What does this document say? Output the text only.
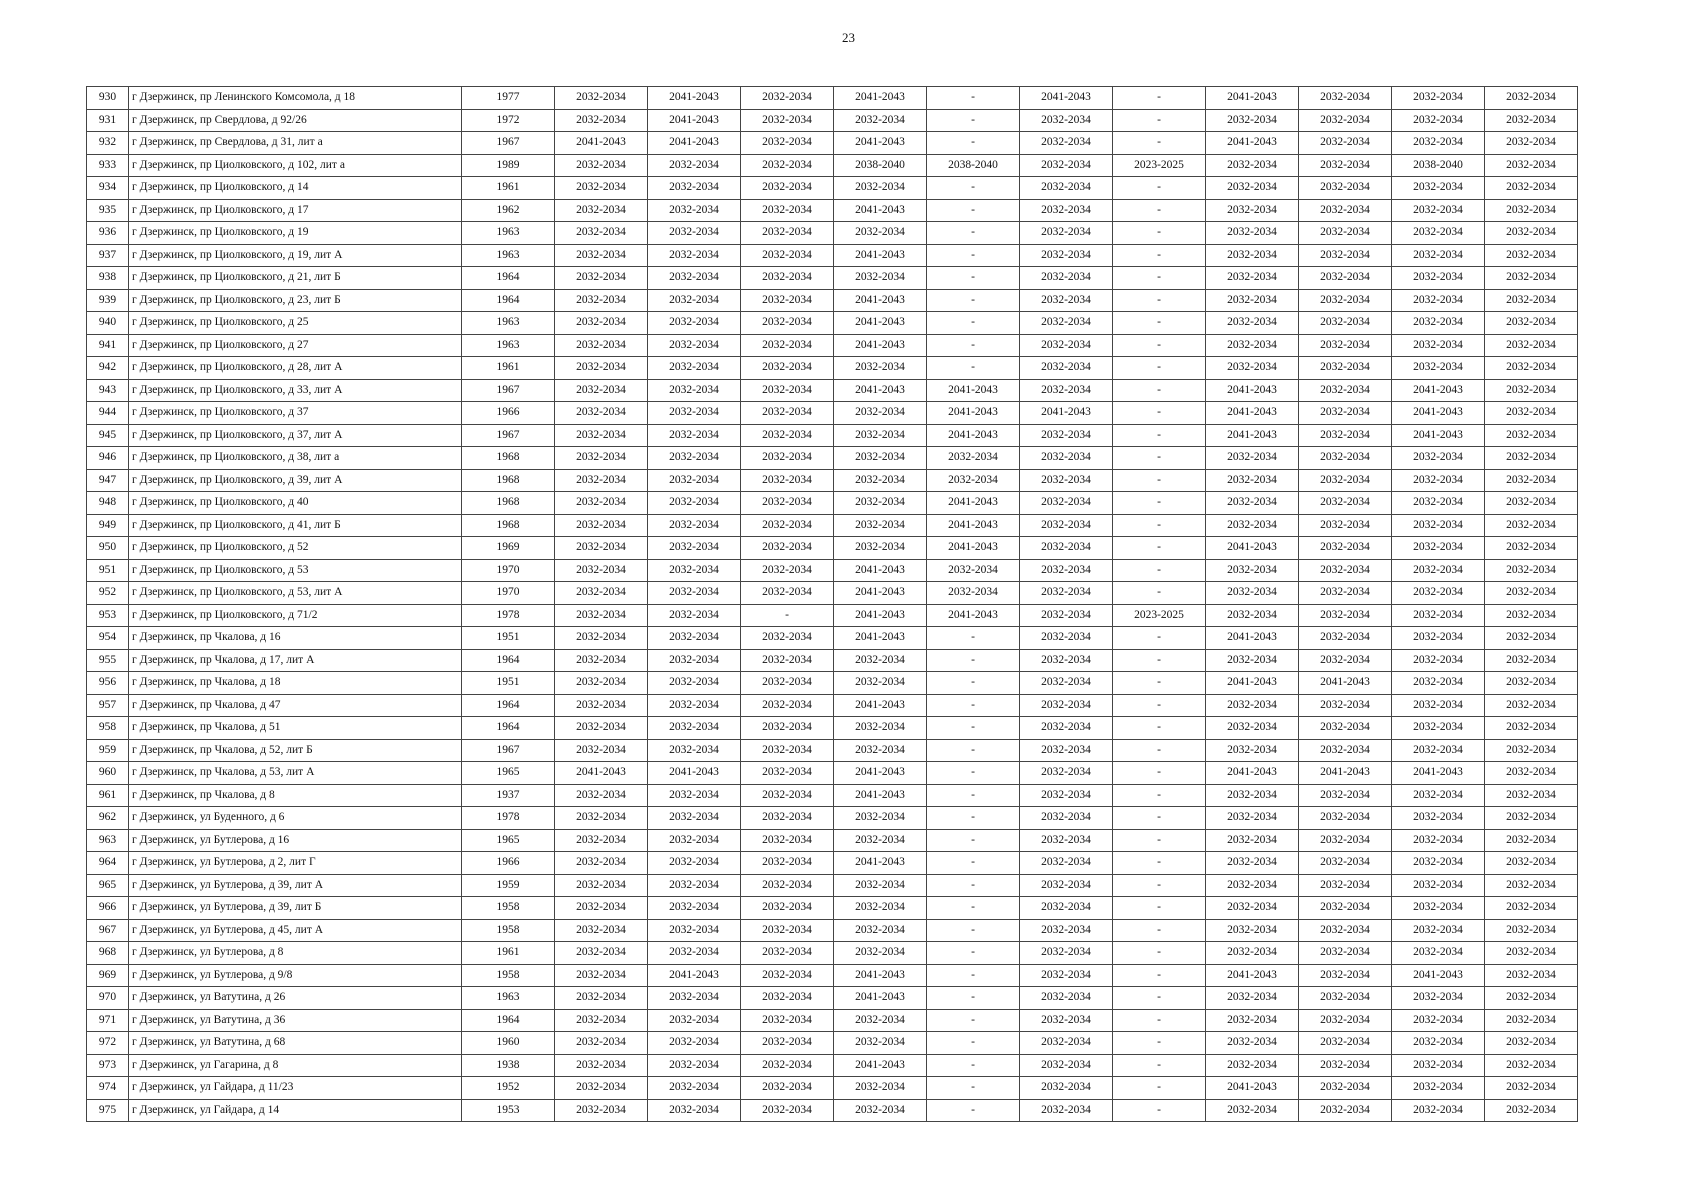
23
930	г Дзержинск, пр Ленинского Комсомола, д 18	1977	2032-2034	2041-2043	2032-2034	2041-2043	-	2041-2043	-	2041-2043	2032-2034	2032-2034	2032-2034
931	г Дзержинск, пр Свердлова, д 92/26	1972	2032-2034	2041-2043	2032-2034	2032-2034	-	2032-2034	-	2032-2034	2032-2034	2032-2034	2032-2034
932	г Дзержинск, пр Свердлова, д 31, лит а	1967	2041-2043	2041-2043	2032-2034	2041-2043	-	2032-2034	-	2041-2043	2032-2034	2032-2034	2032-2034
933	г Дзержинск, пр Циолковского, д 102, лит а	1989	2032-2034	2032-2034	2032-2034	2038-2040	2038-2040	2032-2034	2023-2025	2032-2034	2032-2034	2038-2040	2032-2034
934	г Дзержинск, пр Циолковского, д 14	1961	2032-2034	2032-2034	2032-2034	2032-2034	-	2032-2034	-	2032-2034	2032-2034	2032-2034	2032-2034
935	г Дзержинск, пр Циолковского, д 17	1962	2032-2034	2032-2034	2032-2034	2041-2043	-	2032-2034	-	2032-2034	2032-2034	2032-2034	2032-2034
936	г Дзержинск, пр Циолковского, д 19	1963	2032-2034	2032-2034	2032-2034	2032-2034	-	2032-2034	-	2032-2034	2032-2034	2032-2034	2032-2034
937	г Дзержинск, пр Циолковского, д 19, лит А	1963	2032-2034	2032-2034	2032-2034	2041-2043	-	2032-2034	-	2032-2034	2032-2034	2032-2034	2032-2034
938	г Дзержинск, пр Циолковского, д 21, лит Б	1964	2032-2034	2032-2034	2032-2034	2032-2034	-	2032-2034	-	2032-2034	2032-2034	2032-2034	2032-2034
939	г Дзержинск, пр Циолковского, д 23, лит Б	1964	2032-2034	2032-2034	2032-2034	2041-2043	-	2032-2034	-	2032-2034	2032-2034	2032-2034	2032-2034
940	г Дзержинск, пр Циолковского, д 25	1963	2032-2034	2032-2034	2032-2034	2041-2043	-	2032-2034	-	2032-2034	2032-2034	2032-2034	2032-2034
941	г Дзержинск, пр Циолковского, д 27	1963	2032-2034	2032-2034	2032-2034	2041-2043	-	2032-2034	-	2032-2034	2032-2034	2032-2034	2032-2034
942	г Дзержинск, пр Циолковского, д 28, лит А	1961	2032-2034	2032-2034	2032-2034	2032-2034	-	2032-2034	-	2032-2034	2032-2034	2032-2034	2032-2034
943	г Дзержинск, пр Циолковского, д 33, лит А	1967	2032-2034	2032-2034	2032-2034	2041-2043	2041-2043	2032-2034	-	2041-2043	2032-2034	2041-2043	2032-2034
944	г Дзержинск, пр Циолковского, д 37	1966	2032-2034	2032-2034	2032-2034	2032-2034	2041-2043	2041-2043	-	2041-2043	2032-2034	2041-2043	2032-2034
945	г Дзержинск, пр Циолковского, д 37, лит А	1967	2032-2034	2032-2034	2032-2034	2032-2034	2041-2043	2032-2034	-	2041-2043	2032-2034	2041-2043	2032-2034
946	г Дзержинск, пр Циолковского, д 38, лит а	1968	2032-2034	2032-2034	2032-2034	2032-2034	2032-2034	2032-2034	-	2032-2034	2032-2034	2032-2034	2032-2034
947	г Дзержинск, пр Циолковского, д 39, лит А	1968	2032-2034	2032-2034	2032-2034	2032-2034	2032-2034	2032-2034	-	2032-2034	2032-2034	2032-2034	2032-2034
948	г Дзержинск, пр Циолковского, д 40	1968	2032-2034	2032-2034	2032-2034	2032-2034	2041-2043	2032-2034	-	2032-2034	2032-2034	2032-2034	2032-2034
949	г Дзержинск, пр Циолковского, д 41, лит Б	1968	2032-2034	2032-2034	2032-2034	2032-2034	2041-2043	2032-2034	-	2032-2034	2032-2034	2032-2034	2032-2034
950	г Дзержинск, пр Циолковского, д 52	1969	2032-2034	2032-2034	2032-2034	2032-2034	2041-2043	2032-2034	-	2041-2043	2032-2034	2032-2034	2032-2034
951	г Дзержинск, пр Циолковского, д 53	1970	2032-2034	2032-2034	2032-2034	2041-2043	2032-2034	2032-2034	-	2032-2034	2032-2034	2032-2034	2032-2034
952	г Дзержинск, пр Циолковского, д 53, лит А	1970	2032-2034	2032-2034	2032-2034	2041-2043	2032-2034	2032-2034	-	2032-2034	2032-2034	2032-2034	2032-2034
953	г Дзержинск, пр Циолковского, д 71/2	1978	2032-2034	2032-2034	-	2041-2043	2041-2043	2032-2034	2023-2025	2032-2034	2032-2034	2032-2034	2032-2034
954	г Дзержинск, пр Чкалова, д 16	1951	2032-2034	2032-2034	2032-2034	2041-2043	-	2032-2034	-	2041-2043	2032-2034	2032-2034	2032-2034
955	г Дзержинск, пр Чкалова, д 17, лит А	1964	2032-2034	2032-2034	2032-2034	2032-2034	-	2032-2034	-	2032-2034	2032-2034	2032-2034	2032-2034
956	г Дзержинск, пр Чкалова, д 18	1951	2032-2034	2032-2034	2032-2034	2032-2034	-	2032-2034	-	2041-2043	2041-2043	2032-2034	2032-2034
957	г Дзержинск, пр Чкалова, д 47	1964	2032-2034	2032-2034	2032-2034	2041-2043	-	2032-2034	-	2032-2034	2032-2034	2032-2034	2032-2034
958	г Дзержинск, пр Чкалова, д 51	1964	2032-2034	2032-2034	2032-2034	2032-2034	-	2032-2034	-	2032-2034	2032-2034	2032-2034	2032-2034
959	г Дзержинск, пр Чкалова, д 52, лит Б	1967	2032-2034	2032-2034	2032-2034	2032-2034	-	2032-2034	-	2032-2034	2032-2034	2032-2034	2032-2034
960	г Дзержинск, пр Чкалова, д 53, лит А	1965	2041-2043	2041-2043	2032-2034	2041-2043	-	2032-2034	-	2041-2043	2041-2043	2041-2043	2032-2034
961	г Дзержинск, пр Чкалова, д 8	1937	2032-2034	2032-2034	2032-2034	2041-2043	-	2032-2034	-	2032-2034	2032-2034	2032-2034	2032-2034
962	г Дзержинск, ул Буденного, д 6	1978	2032-2034	2032-2034	2032-2034	2032-2034	-	2032-2034	-	2032-2034	2032-2034	2032-2034	2032-2034
963	г Дзержинск, ул Бутлерова, д 16	1965	2032-2034	2032-2034	2032-2034	2032-2034	-	2032-2034	-	2032-2034	2032-2034	2032-2034	2032-2034
964	г Дзержинск, ул Бутлерова, д 2, лит Г	1966	2032-2034	2032-2034	2032-2034	2041-2043	-	2032-2034	-	2032-2034	2032-2034	2032-2034	2032-2034
965	г Дзержинск, ул Бутлерова, д 39, лит А	1959	2032-2034	2032-2034	2032-2034	2032-2034	-	2032-2034	-	2032-2034	2032-2034	2032-2034	2032-2034
966	г Дзержинск, ул Бутлерова, д 39, лит Б	1958	2032-2034	2032-2034	2032-2034	2032-2034	-	2032-2034	-	2032-2034	2032-2034	2032-2034	2032-2034
967	г Дзержинск, ул Бутлерова, д 45, лит А	1958	2032-2034	2032-2034	2032-2034	2032-2034	-	2032-2034	-	2032-2034	2032-2034	2032-2034	2032-2034
968	г Дзержинск, ул Бутлерова, д 8	1961	2032-2034	2032-2034	2032-2034	2032-2034	-	2032-2034	-	2032-2034	2032-2034	2032-2034	2032-2034
969	г Дзержинск, ул Бутлерова, д 9/8	1958	2032-2034	2041-2043	2032-2034	2041-2043	-	2032-2034	-	2041-2043	2032-2034	2041-2043	2032-2034
970	г Дзержинск, ул Ватутина, д 26	1963	2032-2034	2032-2034	2032-2034	2041-2043	-	2032-2034	-	2032-2034	2032-2034	2032-2034	2032-2034
971	г Дзержинск, ул Ватутина, д 36	1964	2032-2034	2032-2034	2032-2034	2032-2034	-	2032-2034	-	2032-2034	2032-2034	2032-2034	2032-2034
972	г Дзержинск, ул Ватутина, д 68	1960	2032-2034	2032-2034	2032-2034	2032-2034	-	2032-2034	-	2032-2034	2032-2034	2032-2034	2032-2034
973	г Дзержинск, ул Гагарина, д 8	1938	2032-2034	2032-2034	2032-2034	2041-2043	-	2032-2034	-	2032-2034	2032-2034	2032-2034	2032-2034
974	г Дзержинск, ул Гайдара, д 11/23	1952	2032-2034	2032-2034	2032-2034	2032-2034	-	2032-2034	-	2041-2043	2032-2034	2032-2034	2032-2034
975	г Дзержинск, ул Гайдара, д 14	1953	2032-2034	2032-2034	2032-2034	2032-2034	-	2032-2034	-	2032-2034	2032-2034	2032-2034	2032-2034
